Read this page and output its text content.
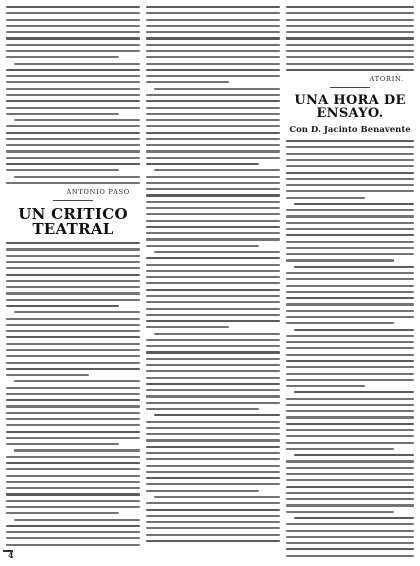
ANTONIO PASO
UN CRITICO TEATRAL
ATORIN.
UNA HORA DE ENSAYO.
Con D. Jacinto Benavente
4
